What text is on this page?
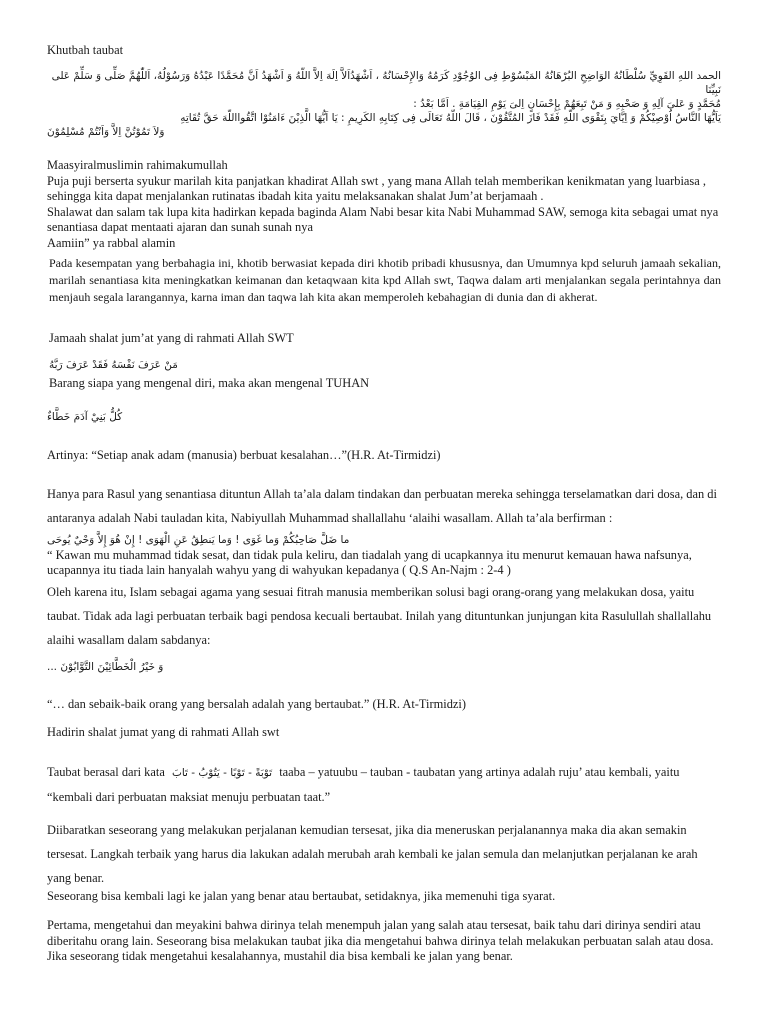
Khutbah taubat
الحمد اللهِ القَوِيِّ سُلْطَانُهُ الوَاضِحِ البُرْهَانُهُ المَبْسُوْطِ فِى الوُجُوْدِ كَرَمُهُ وَالإِحْسَانُهُ ، اَشْهَدُاَلاَّ اِلَهَ اِلاَّ اللّهُ وَ اَشْهَدُ اَنَّ مُحَمَّدًا عَبْدُهُ وَرَسُوْلُهُ، اَللّٰهُمَّ صَلِّى وَ سَلِّمْ عَلى نَبِيِّنَا
مُحَمَّدٍ وَ عَلىَ آلِهِ وَ صَحْبِهِ وَ مَنْ تَبِعَهُمْ بِإِحْسَانٍ اِلىَ يَوْمِ القِيَامَةِ . اَمَّا بَعْدُ :
يَاَيُّهَا النَّاسُ اُوْصِيْكُمْ وَ اِيَّايَ بِتَقْوَى اللّهِ فَقَدْ فَازَ المُتَّقُوْنَ ، قَالَ اللّهُ تَعَالَى فِى كِتَابِهِ الكَرِيمِ : يَا اَيُّهَا الَّذِيْنَ ءَامَنُوْا اتَّقُوااللّهَ حَقَّ تُقَاتِهِ
وَلاَ تَمُوْتُنَّ اِلاَّ وَاَنْتُمْ مُسْلِمُوْنَ

Maasyiralmuslimin rahimakumullah

Puja puji berserta syukur marilah kita panjatkan khadirat Allah swt , yang mana Allah telah memberikan kenikmatan yang luarbiasa , sehingga kita dapat menjalankan rutinatas ibadah kita yaitu melaksanakan shalat Jum’at berjamaah .

Shalawat dan salam tak lupa kita hadirkan kepada baginda Alam Nabi besar kita Nabi Muhammad SAW, semoga kita sebagai umat nya senantiasa dapat mentaati ajaran dan sunah sunah nya

Aamiin” ya rabbal alamin

Pada kesempatan yang berbahagia ini, khotib berwasiat kepada diri khotib pribadi khususnya, dan Umumnya kpd seluruh jamaah sekalian, marilah senantiasa kita meningkatkan keimanan dan ketaqwaan kita kpd Allah swt, Taqwa dalam arti menjalankan segala perintahnya dan menjauh segala larangannya, karna iman dan taqwa lah kita akan memperoleh kebahagian di dunia dan di akherat.
Jamaah shalat jum’at yang di rahmati Allah SWT
مَنْ عَرَفَ نَفْسَهُ فَقَدْ عَرَفَ رَبَّهُ
Barang siapa yang mengenal diri, maka akan mengenal TUHAN
كُلُّ بَنِيْ آدَمَ خَطَّاءٌ
Artinya: “Setiap anak adam (manusia) berbuat kesalahan…”(H.R. At-Tirmidzi)
Hanya para Rasul yang senantiasa dituntun Allah ta’ala dalam tindakan dan perbuatan mereka sehingga terselamatkan dari dosa, dan di antaranya adalah Nabi tauladan kita, Nabiyullah Muhammad shallallahu ‘alaihi wasallam. Allah ta’ala berfirman :
ما ضَلَّ صَاحِبُكُمْ وَما غَوَى ! وَما يَنطِقُ عَنِ الْهَوَى ! إِنْ هُوَ إِلاَّ وَحْيٌ يُوحَى
“ Kawan mu muhammad tidak sesat, dan tidak pula keliru, dan tiadalah yang di ucapkannya itu menurut kemauan hawa nafsunya, ucapannya itu tiada lain hanyalah wahyu yang di wahyukan kepadanya ( Q.S An-Najm : 2-4 )
Oleh karena itu, Islam sebagai agama yang sesuai fitrah manusia memberikan solusi bagi orang-orang yang melakukan dosa, yaitu taubat. Tidak ada lagi perbuatan terbaik bagi pendosa kecuali bertaubat. Inilah yang dituntunkan junjungan kita Rasulullah shallallahu alaihi wasallam dalam sabdanya:
وَ خَيْرُ الْخَطَّائِيْنَ التَّوَّابُوْنَ ...
“… dan sebaik-baik orang yang bersalah adalah yang bertaubat.” (H.R. At-Tirmidzi)
Hadirin shalat jumat yang di rahmati Allah swt
Taubat berasal dari kata تَوْبَةً - تَوْبًا - يَتُوْبُ - تَابَ taaba – yatuubu – tauban - taubatan yang artinya adalah ruju’ atau kembali, yaitu “kembali dari perbuatan maksiat menuju perbuatan taat.”
Diibaratkan seseorang yang melakukan perjalanan kemudian tersesat, jika dia meneruskan perjalanannya maka dia akan semakin tersesat. Langkah terbaik yang harus dia lakukan adalah merubah arah kembali ke jalan semula dan melanjutkan perjalanan ke arah yang benar.
Seseorang bisa kembali lagi ke jalan yang benar atau bertaubat, setidaknya, jika memenuhi tiga syarat.
Pertama, mengetahui dan meyakini bahwa dirinya telah menempuh jalan yang salah atau tersesat, baik tahu dari dirinya sendiri atau diberitahu orang lain. Seseorang bisa melakukan taubat jika dia mengetahui bahwa dirinya telah melakukan perbuatan salah atau dosa. Jika seseorang tidak mengetahui kesalahannya, mustahil dia bisa kembali ke jalan yang benar.
